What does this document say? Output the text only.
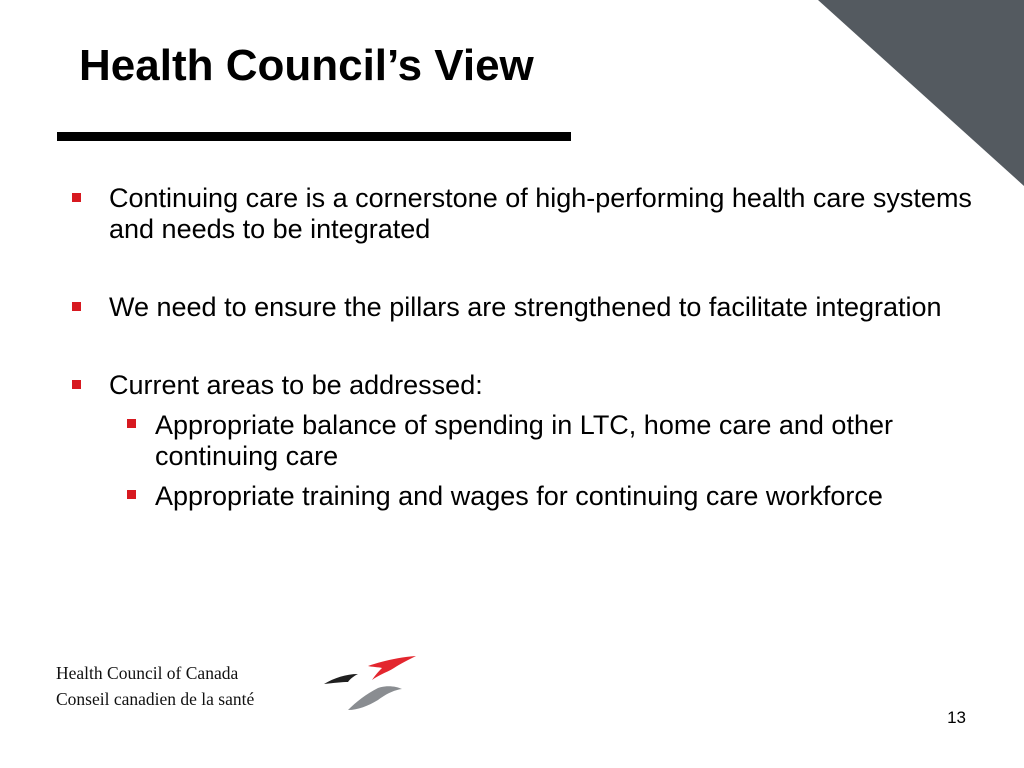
Health Council’s View
Continuing care is a cornerstone of high-performing health care systems and needs to be integrated
We need to ensure the pillars are strengthened to facilitate integration
Current areas to be addressed:
Appropriate balance of spending in LTC, home care and other continuing care
Appropriate training and wages for continuing care workforce
Health Council of Canada
Conseil canadien de la santé
13
